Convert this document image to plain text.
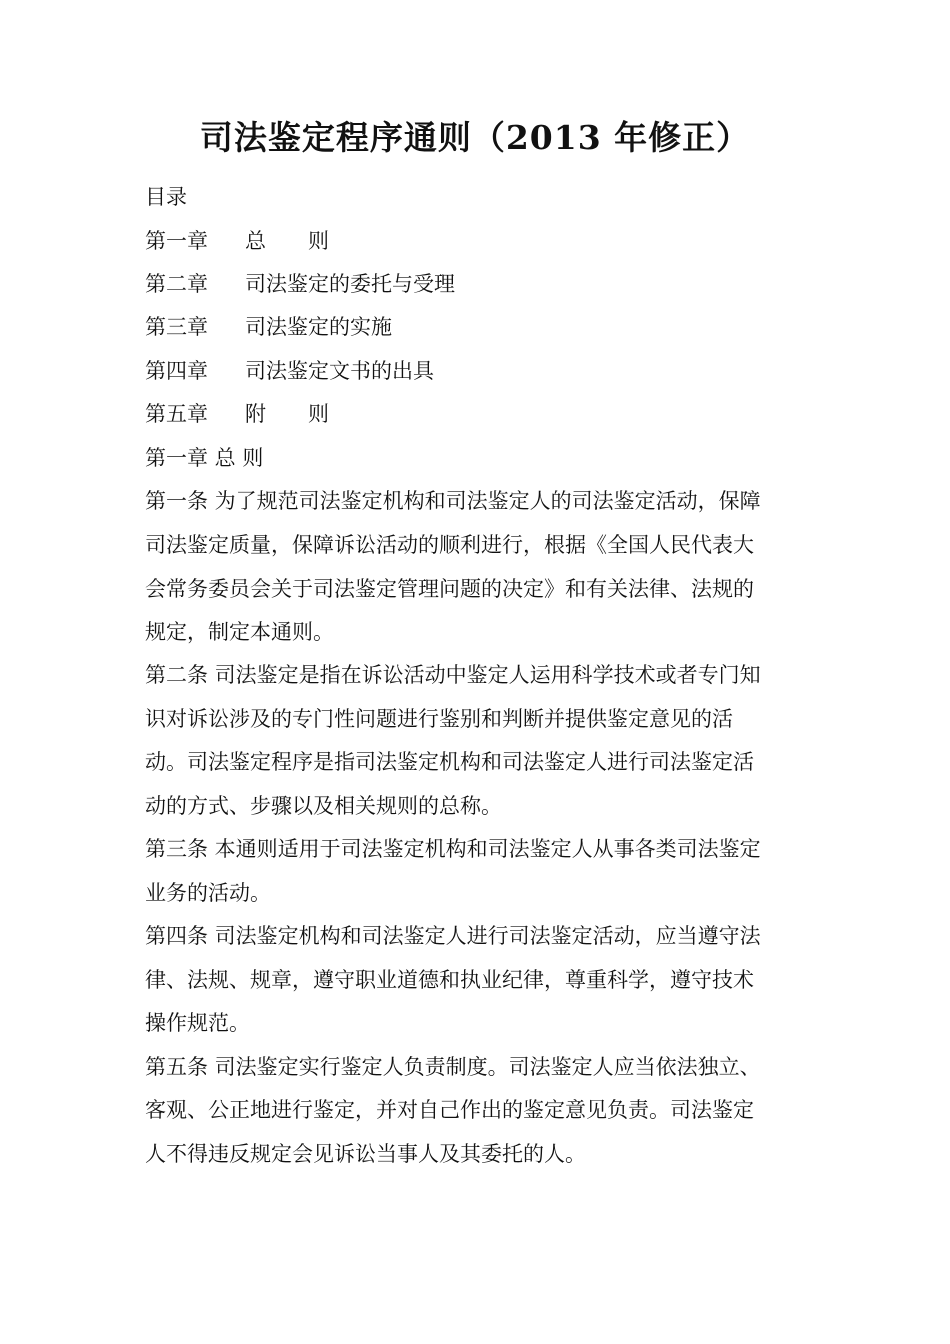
司法鉴定程序通则（2013 年修正）
目录
第一章 总 则
第二章 司法鉴定的委托与受理
第三章 司法鉴定的实施
第四章 司法鉴定文书的出具
第五章 附 则
第一章 总 则
第一条 为了规范司法鉴定机构和司法鉴定人的司法鉴定活动，保障
司法鉴定质量，保障诉讼活动的顺利进行，根据《全国人民代表大
会常务委员会关于司法鉴定管理问题的决定》和有关法律、法规的
规定，制定本通则。
第二条 司法鉴定是指在诉讼活动中鉴定人运用科学技术或者专门知
识对诉讼涉及的专门性问题进行鉴别和判断并提供鉴定意见的活
动。司法鉴定程序是指司法鉴定机构和司法鉴定人进行司法鉴定活
动的方式、步骤以及相关规则的总称。
第三条 本通则适用于司法鉴定机构和司法鉴定人从事各类司法鉴定
业务的活动。
第四条 司法鉴定机构和司法鉴定人进行司法鉴定活动，应当遵守法
律、法规、规章，遵守职业道德和执业纪律，尊重科学，遵守技术
操作规范。
第五条 司法鉴定实行鉴定人负责制度。司法鉴定人应当依法独立、
客观、公正地进行鉴定，并对自己作出的鉴定意见负责。司法鉴定
人不得违反规定会见诉讼当事人及其委托的人。
